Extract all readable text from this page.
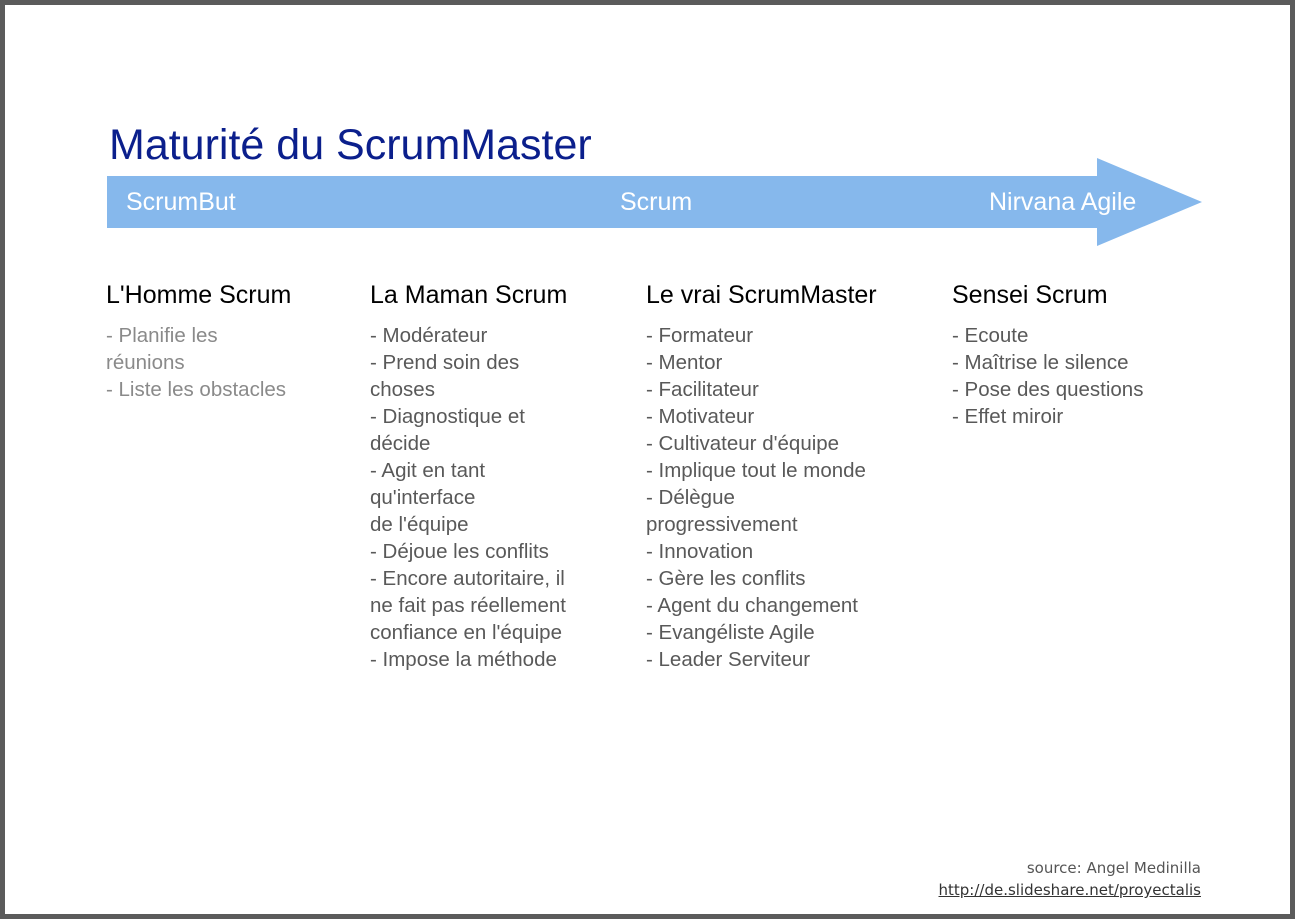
Maturité du ScrumMaster
ScrumBut	Scrum	Nirvana Agile
L'Homme Scrum
- Planifie les
réunions
- Liste les obstacles
La Maman Scrum
- Modérateur
- Prend soin des
choses
- Diagnostique et
décide
- Agit en tant
qu'interface
de l'équipe
- Déjoue les conflits
- Encore autoritaire, il
ne fait pas réellement
confiance en l'équipe
- Impose la méthode
Le vrai ScrumMaster
- Formateur
- Mentor
- Facilitateur
- Motivateur
- Cultivateur d'équipe
- Implique tout le monde
- Délègue
progressivement
- Innovation
- Gère les conflits
- Agent du changement
- Evangéliste Agile
- Leader Serviteur
Sensei Scrum
- Ecoute
- Maîtrise le silence
- Pose des questions
- Effet miroir
source: Angel Medinilla
http://de.slideshare.net/proyectalis
